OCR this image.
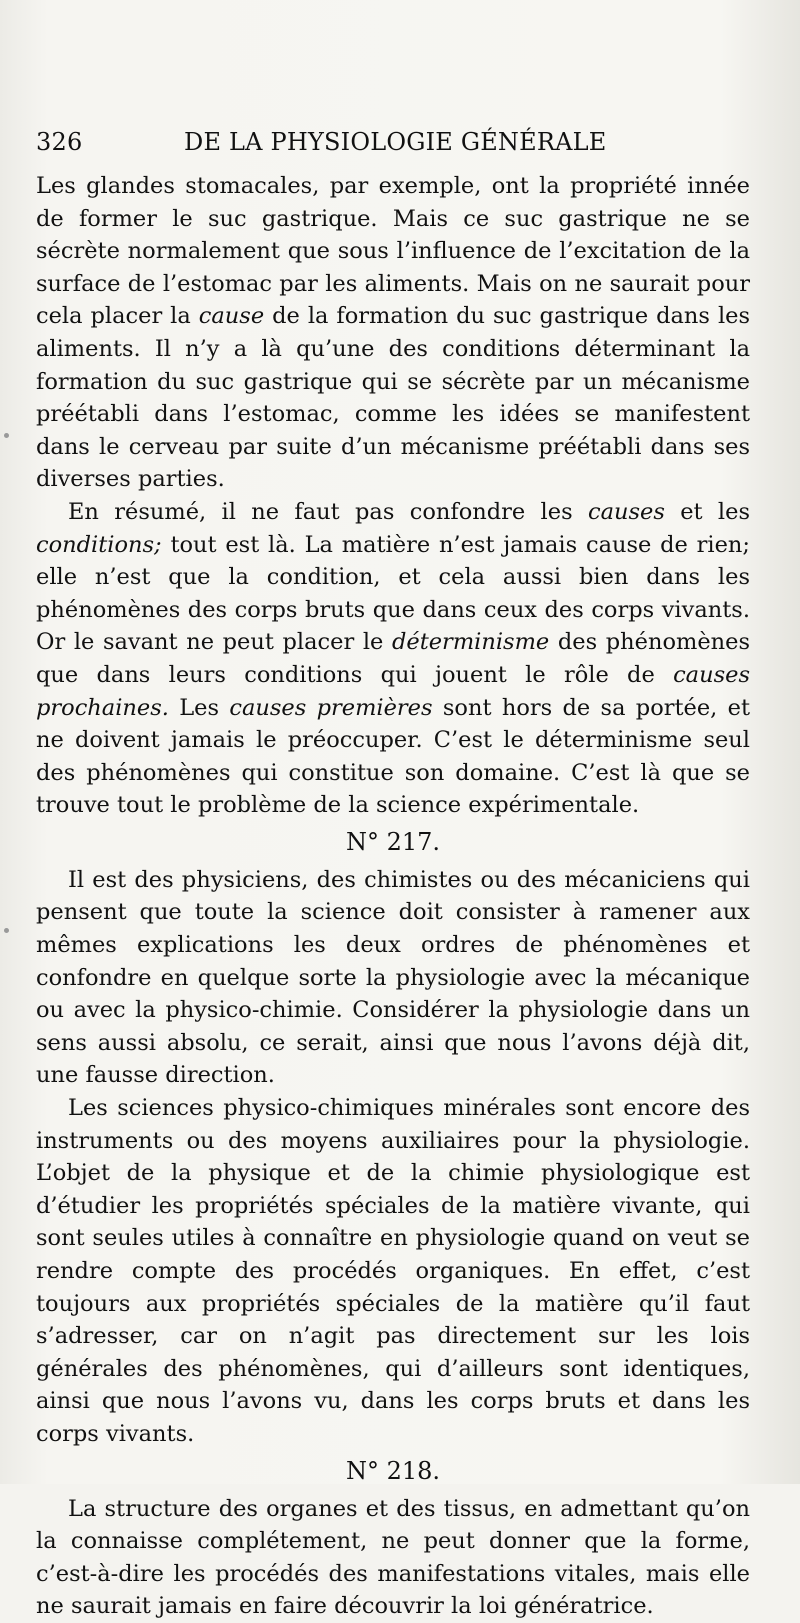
326	DE LA PHYSIOLOGIE GÉNÉRALE

Les glandes stomacales, par exemple, ont la propriété innée de former le suc gastrique. Mais ce suc gastrique ne se sécrète normalement que sous l’influence de l’excitation de la surface de l’estomac par les aliments. Mais on ne saurait pour cela placer la cause de la formation du suc gastrique dans les aliments. Il n’y a là qu’une des conditions déterminant la formation du suc gastrique qui se sécrète par un mécanisme préétabli dans l’estomac, comme les idées se manifestent dans le cerveau par suite d’un mécanisme préétabli dans ses diverses parties.

En résumé, il ne faut pas confondre les causes et les conditions; tout est là. La matière n’est jamais cause de rien; elle n’est que la condition, et cela aussi bien dans les phénomènes des corps bruts que dans ceux des corps vivants. Or le savant ne peut placer le déterminisme des phénomènes que dans leurs conditions qui jouent le rôle de causes prochaines. Les causes premières sont hors de sa portée, et ne doivent jamais le préoccuper. C’est le déterminisme seul des phénomènes qui constitue son domaine. C’est là que se trouve tout le problème de la science expérimentale.

N° 217.

Il est des physiciens, des chimistes ou des mécaniciens qui pensent que toute la science doit consister à ramener aux mêmes explications les deux ordres de phénomènes et confondre en quelque sorte la physiologie avec la mécanique ou avec la physico-chimie. Considérer la physiologie dans un sens aussi absolu, ce serait, ainsi que nous l’avons déjà dit, une fausse direction.

Les sciences physico-chimiques minérales sont encore des instruments ou des moyens auxiliaires pour la physiologie. L’objet de la physique et de la chimie physiologique est d’étudier les propriétés spéciales de la matière vivante, qui sont seules utiles à connaître en physiologie quand on veut se rendre compte des procédés organiques. En effet, c’est toujours aux propriétés spéciales de la matière qu’il faut s’adresser, car on n’agit pas directement sur les lois générales des phénomènes, qui d’ailleurs sont identiques, ainsi que nous l’avons vu, dans les corps bruts et dans les corps vivants.

N° 218.

La structure des organes et des tissus, en admettant qu’on la connaisse complétement, ne peut donner que la forme, c’est-à-dire les procédés des manifestations vitales, mais elle ne saurait jamais en faire découvrir la loi génératrice.
